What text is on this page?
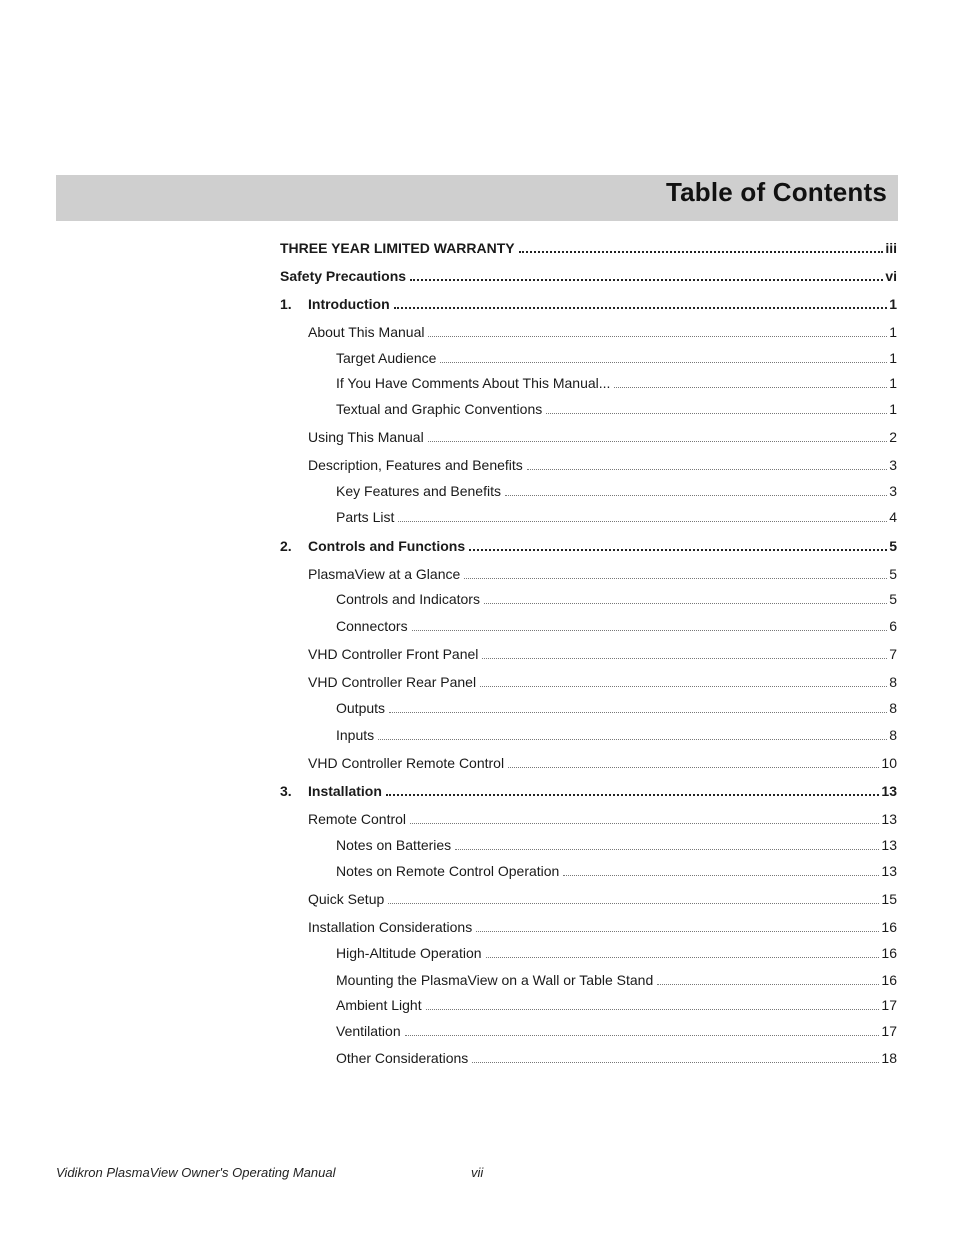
Table of Contents
THREE YEAR LIMITED WARRANTY	iii
Safety Precautions	vi
1.	Introduction	1
About This Manual	1
Target Audience	1
If You Have Comments About This Manual...	1
Textual and Graphic Conventions	1
Using This Manual	2
Description, Features and Benefits	3
Key Features and Benefits	3
Parts List	4
2.	Controls and Functions	5
PlasmaView at a Glance	5
Controls and Indicators	5
Connectors	6
VHD Controller Front Panel	7
VHD Controller Rear Panel	8
Outputs	8
Inputs	8
VHD Controller Remote Control	10
3.	Installation	13
Remote Control	13
Notes on Batteries	13
Notes on Remote Control Operation	13
Quick Setup	15
Installation Considerations	16
High-Altitude Operation	16
Mounting the PlasmaView on a Wall or Table Stand	16
Ambient Light	17
Ventilation	17
Other Considerations	18
Vidikron PlasmaView Owner's Operating Manual	vii
